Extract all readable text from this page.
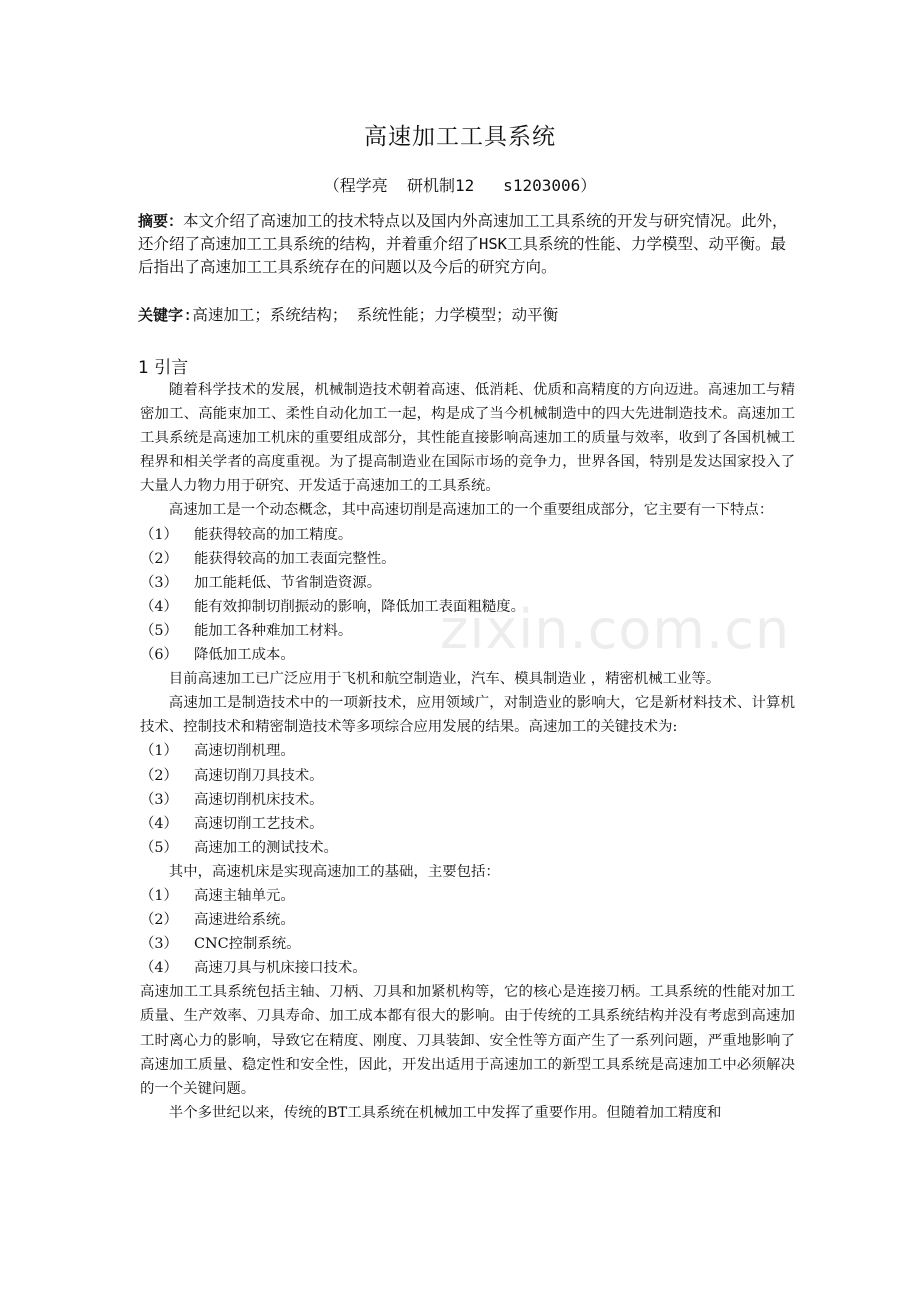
高速加工工具系统
（程学亮  研机制12   s1203006）
摘要：本文介绍了高速加工的技术特点以及国内外高速加工工具系统的开发与研究情况。此外，还介绍了高速加工工具系统的结构，并着重介绍了HSK工具系统的性能、力学模型、动平衡。最后指出了高速加工工具系统存在的问题以及今后的研究方向。
关键字:高速加工；系统结构； 系统性能；力学模型；动平衡
1 引言

随着科学技术的发展，机械制造技术朝着高速、低消耗、优质和高精度的方向迈进。高速加工与精密加工、高能束加工、柔性自动化加工一起，构是成了当今机械制造中的四大先进制造技术。高速加工工具系统是高速加工机床的重要组成部分，其性能直接影响高速加工的质量与效率，收到了各国机械工程界和相关学者的高度重视。为了提高制造业在国际市场的竞争力，世界各国，特别是发达国家投入了大量人力物力用于研究、开发适于高速加工的工具系统。

高速加工是一个动态概念，其中高速切削是高速加工的一个重要组成部分，它主要有一下特点：

（1）	能获得较高的加工精度。

（2）	能获得较高的加工表面完整性。

（3）	加工能耗低、节省制造资源。

（4）	能有效抑制切削振动的影响，降低加工表面粗糙度。

（5）	能加工各种难加工材料。

（6）	降低加工成本。

目前高速加工已广泛应用于飞机和航空制造业，汽车、模具制造业 ，精密机械工业等。

高速加工是制造技术中的一项新技术，应用领域广，对制造业的影响大，它是新材料技术、计算机技术、控制技术和精密制造技术等多项综合应用发展的结果。高速加工的关键技术为:

（1）	高速切削机理。

（2）	高速切削刀具技术。

（3）	高速切削机床技术。

（4）	高速切削工艺技术。

（5）	高速加工的测试技术。

其中，高速机床是实现高速加工的基础，主要包括：

（1）	高速主轴单元。

（2）	高速进给系统。

（3）	CNC控制系统。

（4）	高速刀具与机床接口技术。

高速加工工具系统包括主轴、刀柄、刀具和加紧机构等，它的核心是连接刀柄。工具系统的性能对加工质量、生产效率、刀具寿命、加工成本都有很大的影响。由于传统的工具系统结构并没有考虑到高速加工时离心力的影响，导致它在精度、刚度、刀具装卸、安全性等方面产生了一系列问题，严重地影响了高速加工质量、稳定性和安全性，因此，开发出适用于高速加工的新型工具系统是高速加工中必须解决的一个关键问题。

半个多世纪以来，传统的BT工具系统在机械加工中发挥了重要作用。但随着加工精度和

zixin.com.cn
